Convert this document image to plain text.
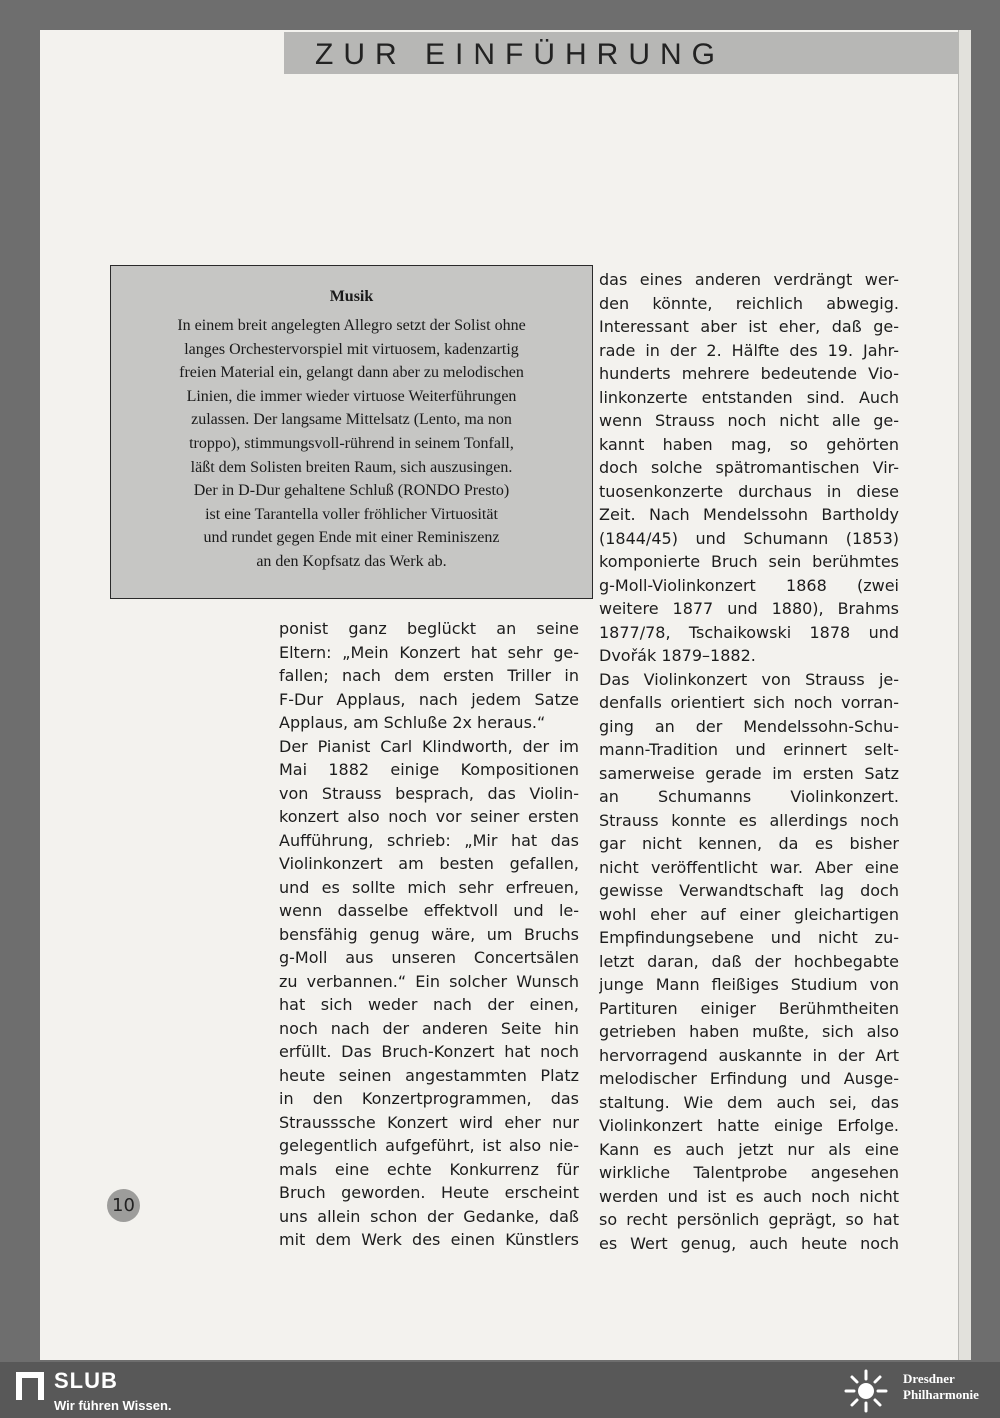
ZUR EINFÜHRUNG
Musik
In einem breit angelegten Allegro setzt der Solist ohne
langes Orchestervorspiel mit virtuosem, kadenzartig
freien Material ein, gelangt dann aber zu melodischen
Linien, die immer wieder virtuose Weiterführungen
zulassen. Der langsame Mittelsatz (Lento, ma non
troppo), stimmungsvoll-rührend in seinem Tonfall,
läßt dem Solisten breiten Raum, sich auszusingen.
Der in D-Dur gehaltene Schluß (RONDO Presto)
ist eine Tarantella voller fröhlicher Virtuosität
und rundet gegen Ende mit einer Reminiszenz
an den Kopfsatz das Werk ab.
ponist ganz beglückt an seine
Eltern: „Mein Konzert hat sehr ge-
fallen; nach dem ersten Triller in
F-Dur Applaus, nach jedem Satze
Applaus, am Schluße 2x heraus.“
Der Pianist Carl Klindworth, der im
Mai 1882 einige Kompositionen
von Strauss besprach, das Violin-
konzert also noch vor seiner ersten
Aufführung, schrieb: „Mir hat das
Violinkonzert am besten gefallen,
und es sollte mich sehr erfreuen,
wenn dasselbe effektvoll und le-
bensfähig genug wäre, um Bruchs
g-Moll aus unseren Concertsälen
zu verbannen.“ Ein solcher Wunsch
hat sich weder nach der einen,
noch nach der anderen Seite hin
erfüllt. Das Bruch-Konzert hat noch
heute seinen angestammten Platz
in den Konzertprogrammen, das
Strausssche Konzert wird eher nur
gelegentlich aufgeführt, ist also nie-
mals eine echte Konkurrenz für
Bruch geworden. Heute erscheint
uns allein schon der Gedanke, daß
mit dem Werk des einen Künstlers
das eines anderen verdrängt wer-
den könnte, reichlich abwegig.
Interessant aber ist eher, daß ge-
rade in der 2. Hälfte des 19. Jahr-
hunderts mehrere bedeutende Vio-
linkonzerte entstanden sind. Auch
wenn Strauss noch nicht alle ge-
kannt haben mag, so gehörten
doch solche spätromantischen Vir-
tuosenkonzerte durchaus in diese
Zeit. Nach Mendelssohn Bartholdy
(1844/45) und Schumann (1853)
komponierte Bruch sein berühmtes
g-Moll-Violinkonzert 1868 (zwei
weitere 1877 und 1880), Brahms
1877/78, Tschaikowski 1878 und
Dvořák 1879–1882.
Das Violinkonzert von Strauss je-
denfalls orientiert sich noch vorran-
ging an der Mendelssohn-Schu-
mann-Tradition und erinnert selt-
samerweise gerade im ersten Satz
an Schumanns Violinkonzert.
Strauss konnte es allerdings noch
gar nicht kennen, da es bisher
nicht veröffentlicht war. Aber eine
gewisse Verwandtschaft lag doch
wohl eher auf einer gleichartigen
Empfindungsebene und nicht zu-
letzt daran, daß der hochbegabte
junge Mann fleißiges Studium von
Partituren einiger Berühmtheiten
getrieben haben mußte, sich also
hervorragend auskannte in der Art
melodischer Erfindung und Ausge-
staltung. Wie dem auch sei, das
Violinkonzert hatte einige Erfolge.
Kann es auch jetzt nur als eine
wirkliche Talentprobe angesehen
werden und ist es auch noch nicht
so recht persönlich geprägt, so hat
es Wert genug, auch heute noch
10
SLUB
Wir führen Wissen.
Dresdner
Philharmonie
